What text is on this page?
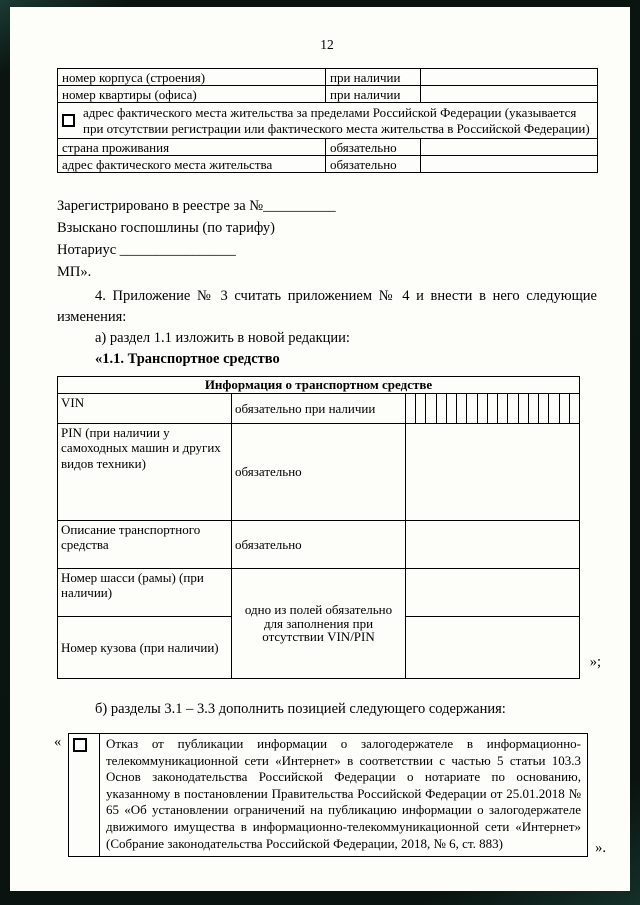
12
номер корпуса (строения)	при наличии	
номер квартиры (офиса)	при наличии	

адрес фактического места жительства за пределами Российской Федерации (указывается при отсутствии регистрации или фактического места жительства в Российской Федерации)		

страна проживания	обязательно	
адрес фактического места жительства	обязательно	
Зарегистрировано в реестре за №__________
Взыскано госпошлины (по тарифу)
Нотариус ________________
МП».

4. Приложение № 3 считать приложением № 4 и внести в него следующие изменения:

а) раздел 1.1 изложить в новой редакции:

«1.1. Транспортное средство

Информация о транспортном средстве		
VIN	обязательно при наличии	

PIN (при наличии у самоходных машин и других видов техники)	обязательно	
Описание транспортного средства	обязательно	
Номер шасси (рамы) (при наличии)	одно из полей обязательно для заполнения при отсутствии VIN/PIN	
Номер кузова (при наличии)		
»;

б) разделы 3.1 – 3.3 дополнить позицией следующего содержания:

«
		Отказ от публикации информации о залогодержателе в информационно-телекоммуникационной сети «Интернет» в соответствии с частью 5 статьи 103.3 Основ законодательства Российской Федерации о нотариате по основанию, указанному в постановлении Правительства Российской Федерации от 25.01.2018 № 65 «Об установлении ограничений на публикацию информации о залогодержателе движимого имущества в информационно-телекоммуникационной сети «Интернет» (Собрание законодательства Российской Федерации, 2018, № 6, ст. 883)	».
